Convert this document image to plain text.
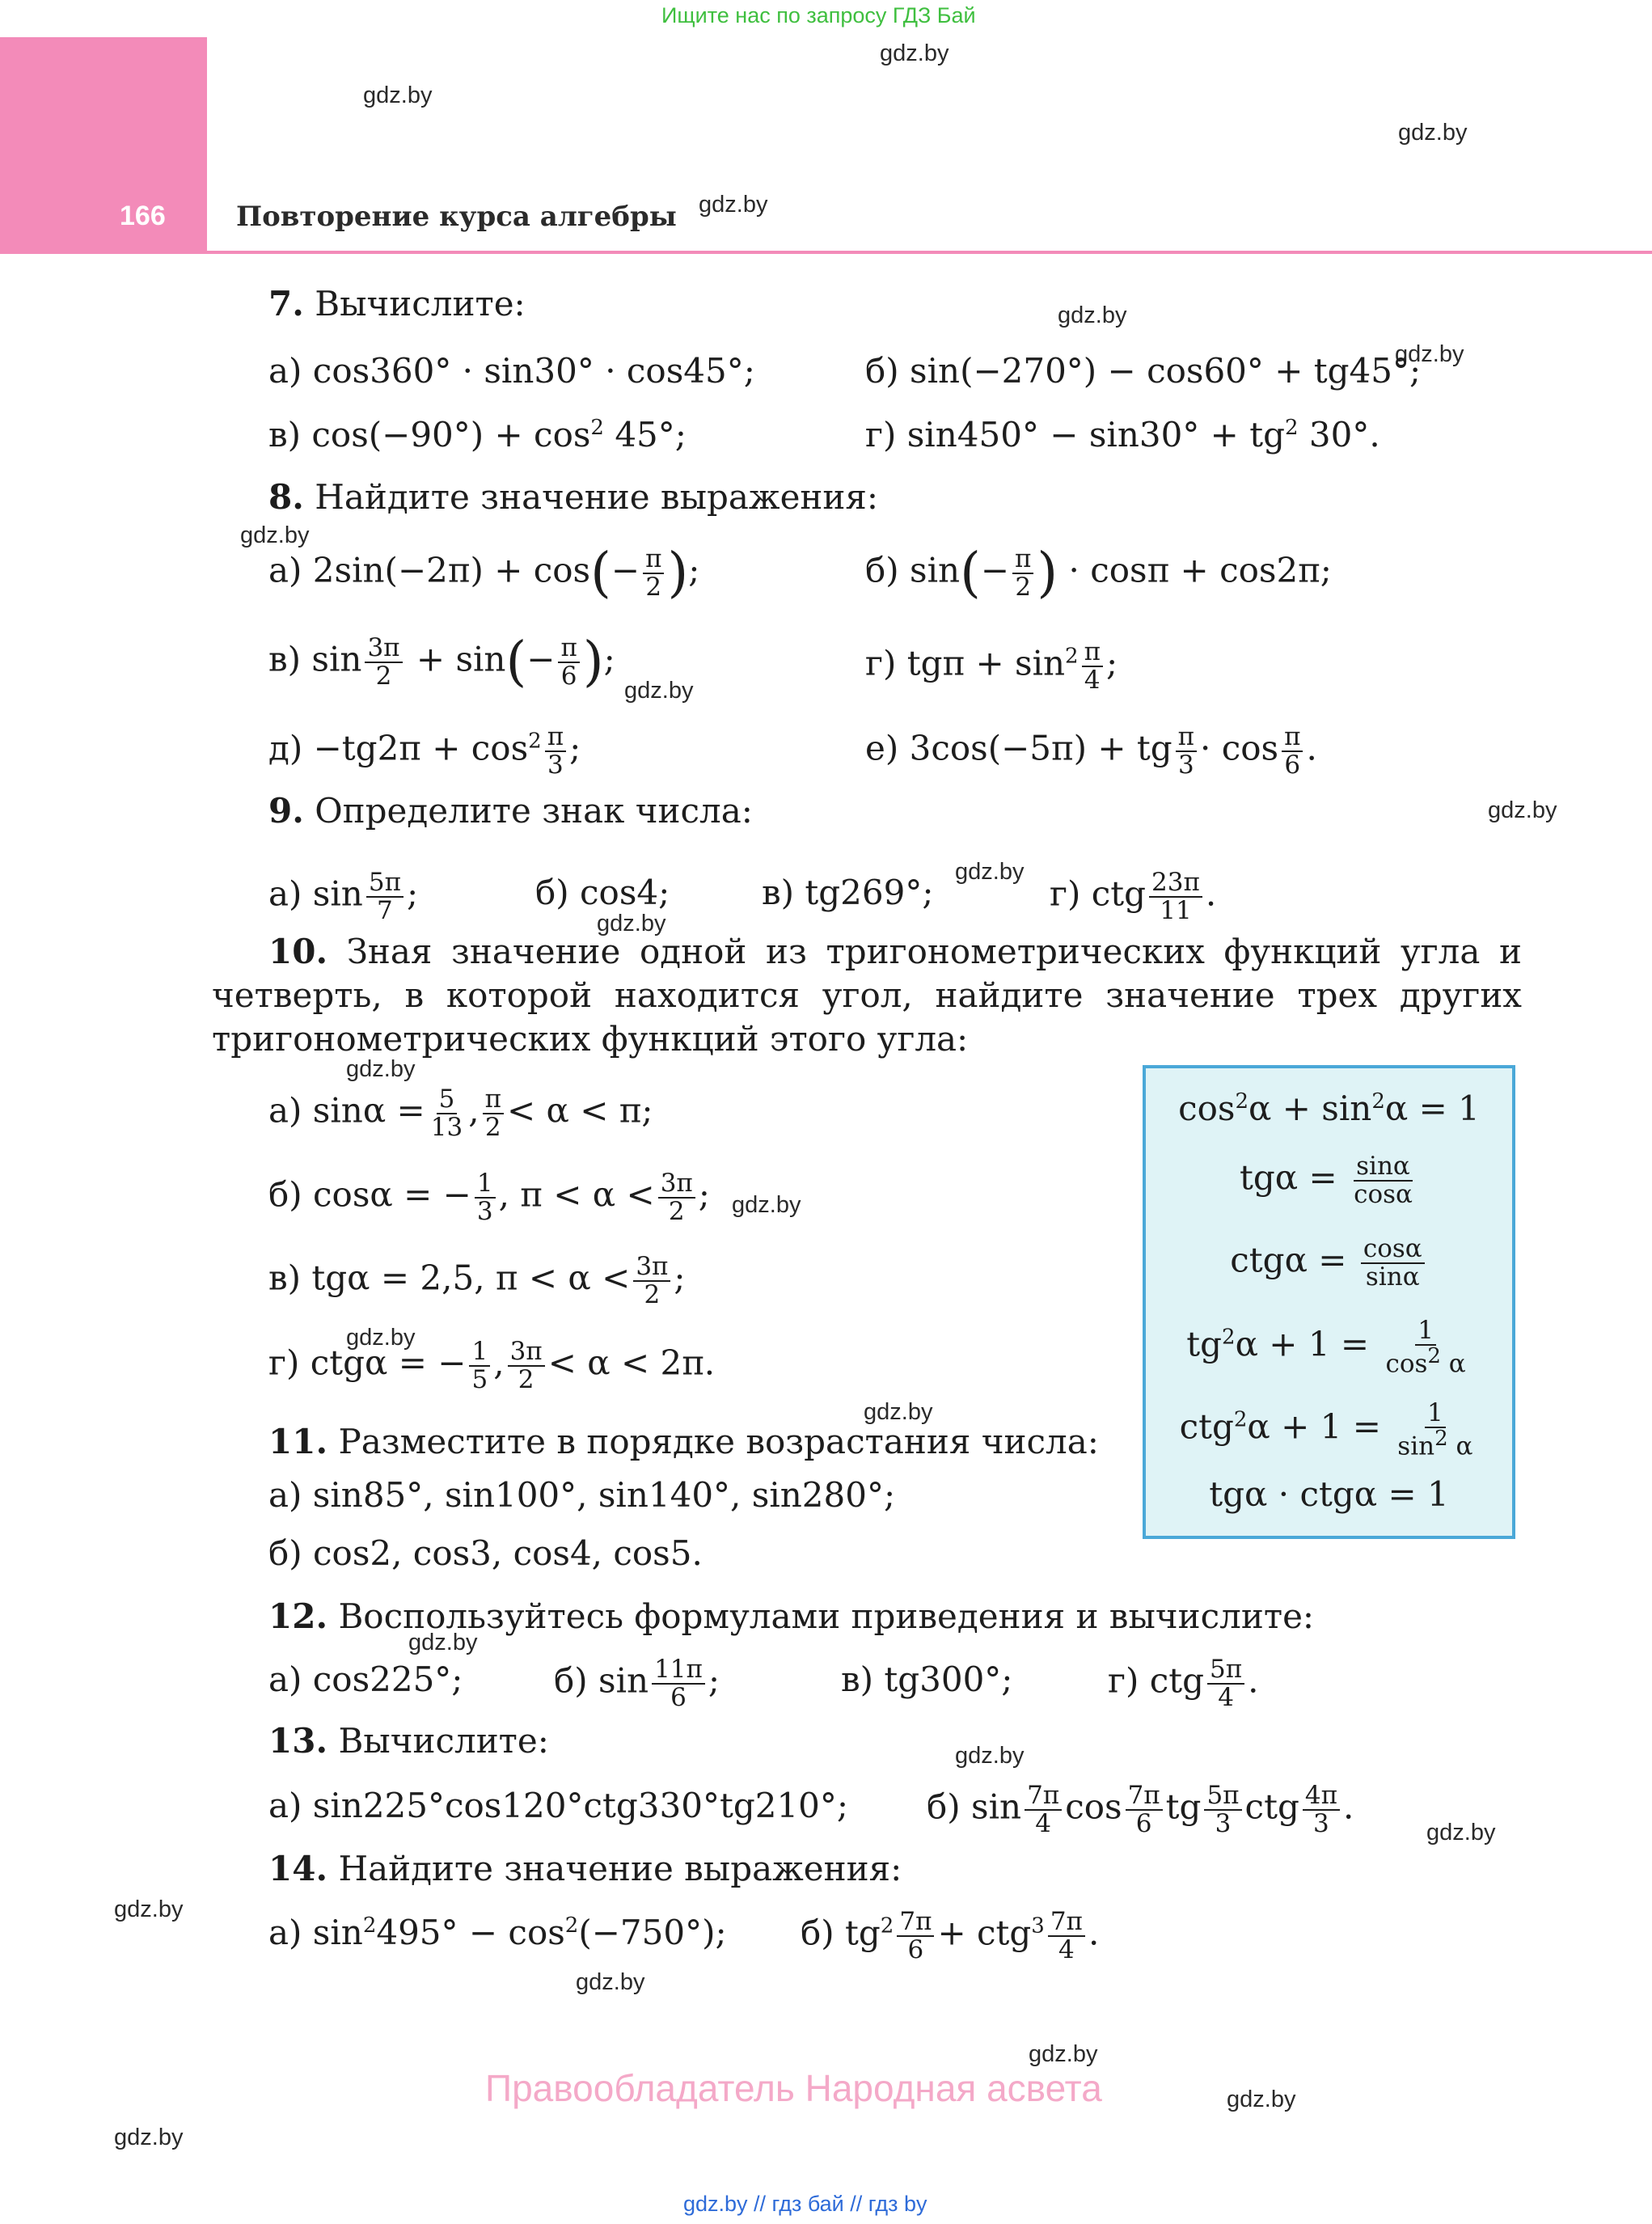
Ищите нас по запросу ГДЗ Бай
166	Повторение курса алгебры
gdz.by
gdz.by
gdz.by
gdz.by
gdz.by
gdz.by
gdz.by
gdz.by
gdz.by
gdz.by
gdz.by
gdz.by
gdz.by
gdz.by
gdz.by
gdz.by
gdz.by
gdz.by
gdz.by
gdz.by
gdz.by
gdz.by
gdz.by
7. Вычислите:
а) cos360° · sin30° · cos45°;	б) sin(−270°) − cos60° + tg45°;
в) $\cos(-90^\circ) + \cos^2 45^\circ$;	г) $\sin 450^\circ - \sin 30^\circ + tg^2$ 30°.
8. Найдите значение выражения:
а) $2\sin(-2\pi) + \cos(- \frac{\pi}{2}$ );	б) $\sin(- \frac{\pi}{2}$ ) · cosπ + cos2π;
в) $\sin \frac{3\pi}{2} + \sin(- \frac{\pi}{6}$ );	г) $tg\pi + \sin^2 \frac{\pi}{4}$ ;
$д) -tg2\pi + \cos^2 \frac{\pi}{3}$ ;	е) 3cos(−5π) + tg $\frac{\pi}{3} \cdot \cos \frac{\pi}{6}$ .
9. Определите знак числа:
а) $\sin \frac{5\pi}{7}$ ;	б) cos4;	в) tg269°;	г) ctg $\frac{23\pi}{11}$ .
10. Зная значение одной из тригонометрических функций угла и четверть, в которой находится угол, найдите значение трех других тригонометрических функций этого угла:
а) $\sin\alpha = \frac{5}{13}$ , $\frac{\pi}{2} < \alpha < \pi$;
б) cosα = − $\frac{1}{3}$ , $\pi < \alpha < \frac{3\pi}{2}$ ;
в) tgα = 2,5, $\pi < \alpha < \frac{3\pi}{2}$ ;
г) ctgα = − $\frac{1}{5}$ , $\frac{3\pi}{2} < \alpha < 2\pi$.
$\cos^2\alpha + \sin^2\alpha = 1$
$tg\alpha = \frac{\sin\alpha}{\cos\alpha}$
$ctg\alpha = \frac{\cos\alpha}{\sin\alpha}$
$tg^2\alpha + 1 = \frac{1}{\cos^2 \alpha}$
$ctg^2\alpha + 1 = \frac{1}{\sin^2 \alpha}$
tgα · ctgα = 1
11. Разместите в порядке возрастания числа:
а) sin85°, sin100°, sin140°, sin280°;
б) cos2, cos3, cos4, cos5.
12. Воспользуйтесь формулами приведения и вычислите:
а) cos225°;	б) $\sin \frac{11\pi}{6}$ ;	в) tg300°;	г) ctg $\frac{5\pi}{4}$ .
13. Вычислите:
а) sin225°cos120°ctg330°tg210°; б) $\sin \frac{7\pi}{4}$ $\cos \frac{7\pi}{6}$ tg $\frac{5\pi}{3}$ ctg $\frac{4\pi}{3}$ .
14. Найдите значение выражения:
а) $\sin^2495^\circ - \cos^2(-750^\circ)$; б) $tg^2 \frac{7\pi}{6} + ctg^3 \frac{7\pi}{4}$ .
Правообладатель Народная асвета
gdz.by // гдз бай // гдз by
